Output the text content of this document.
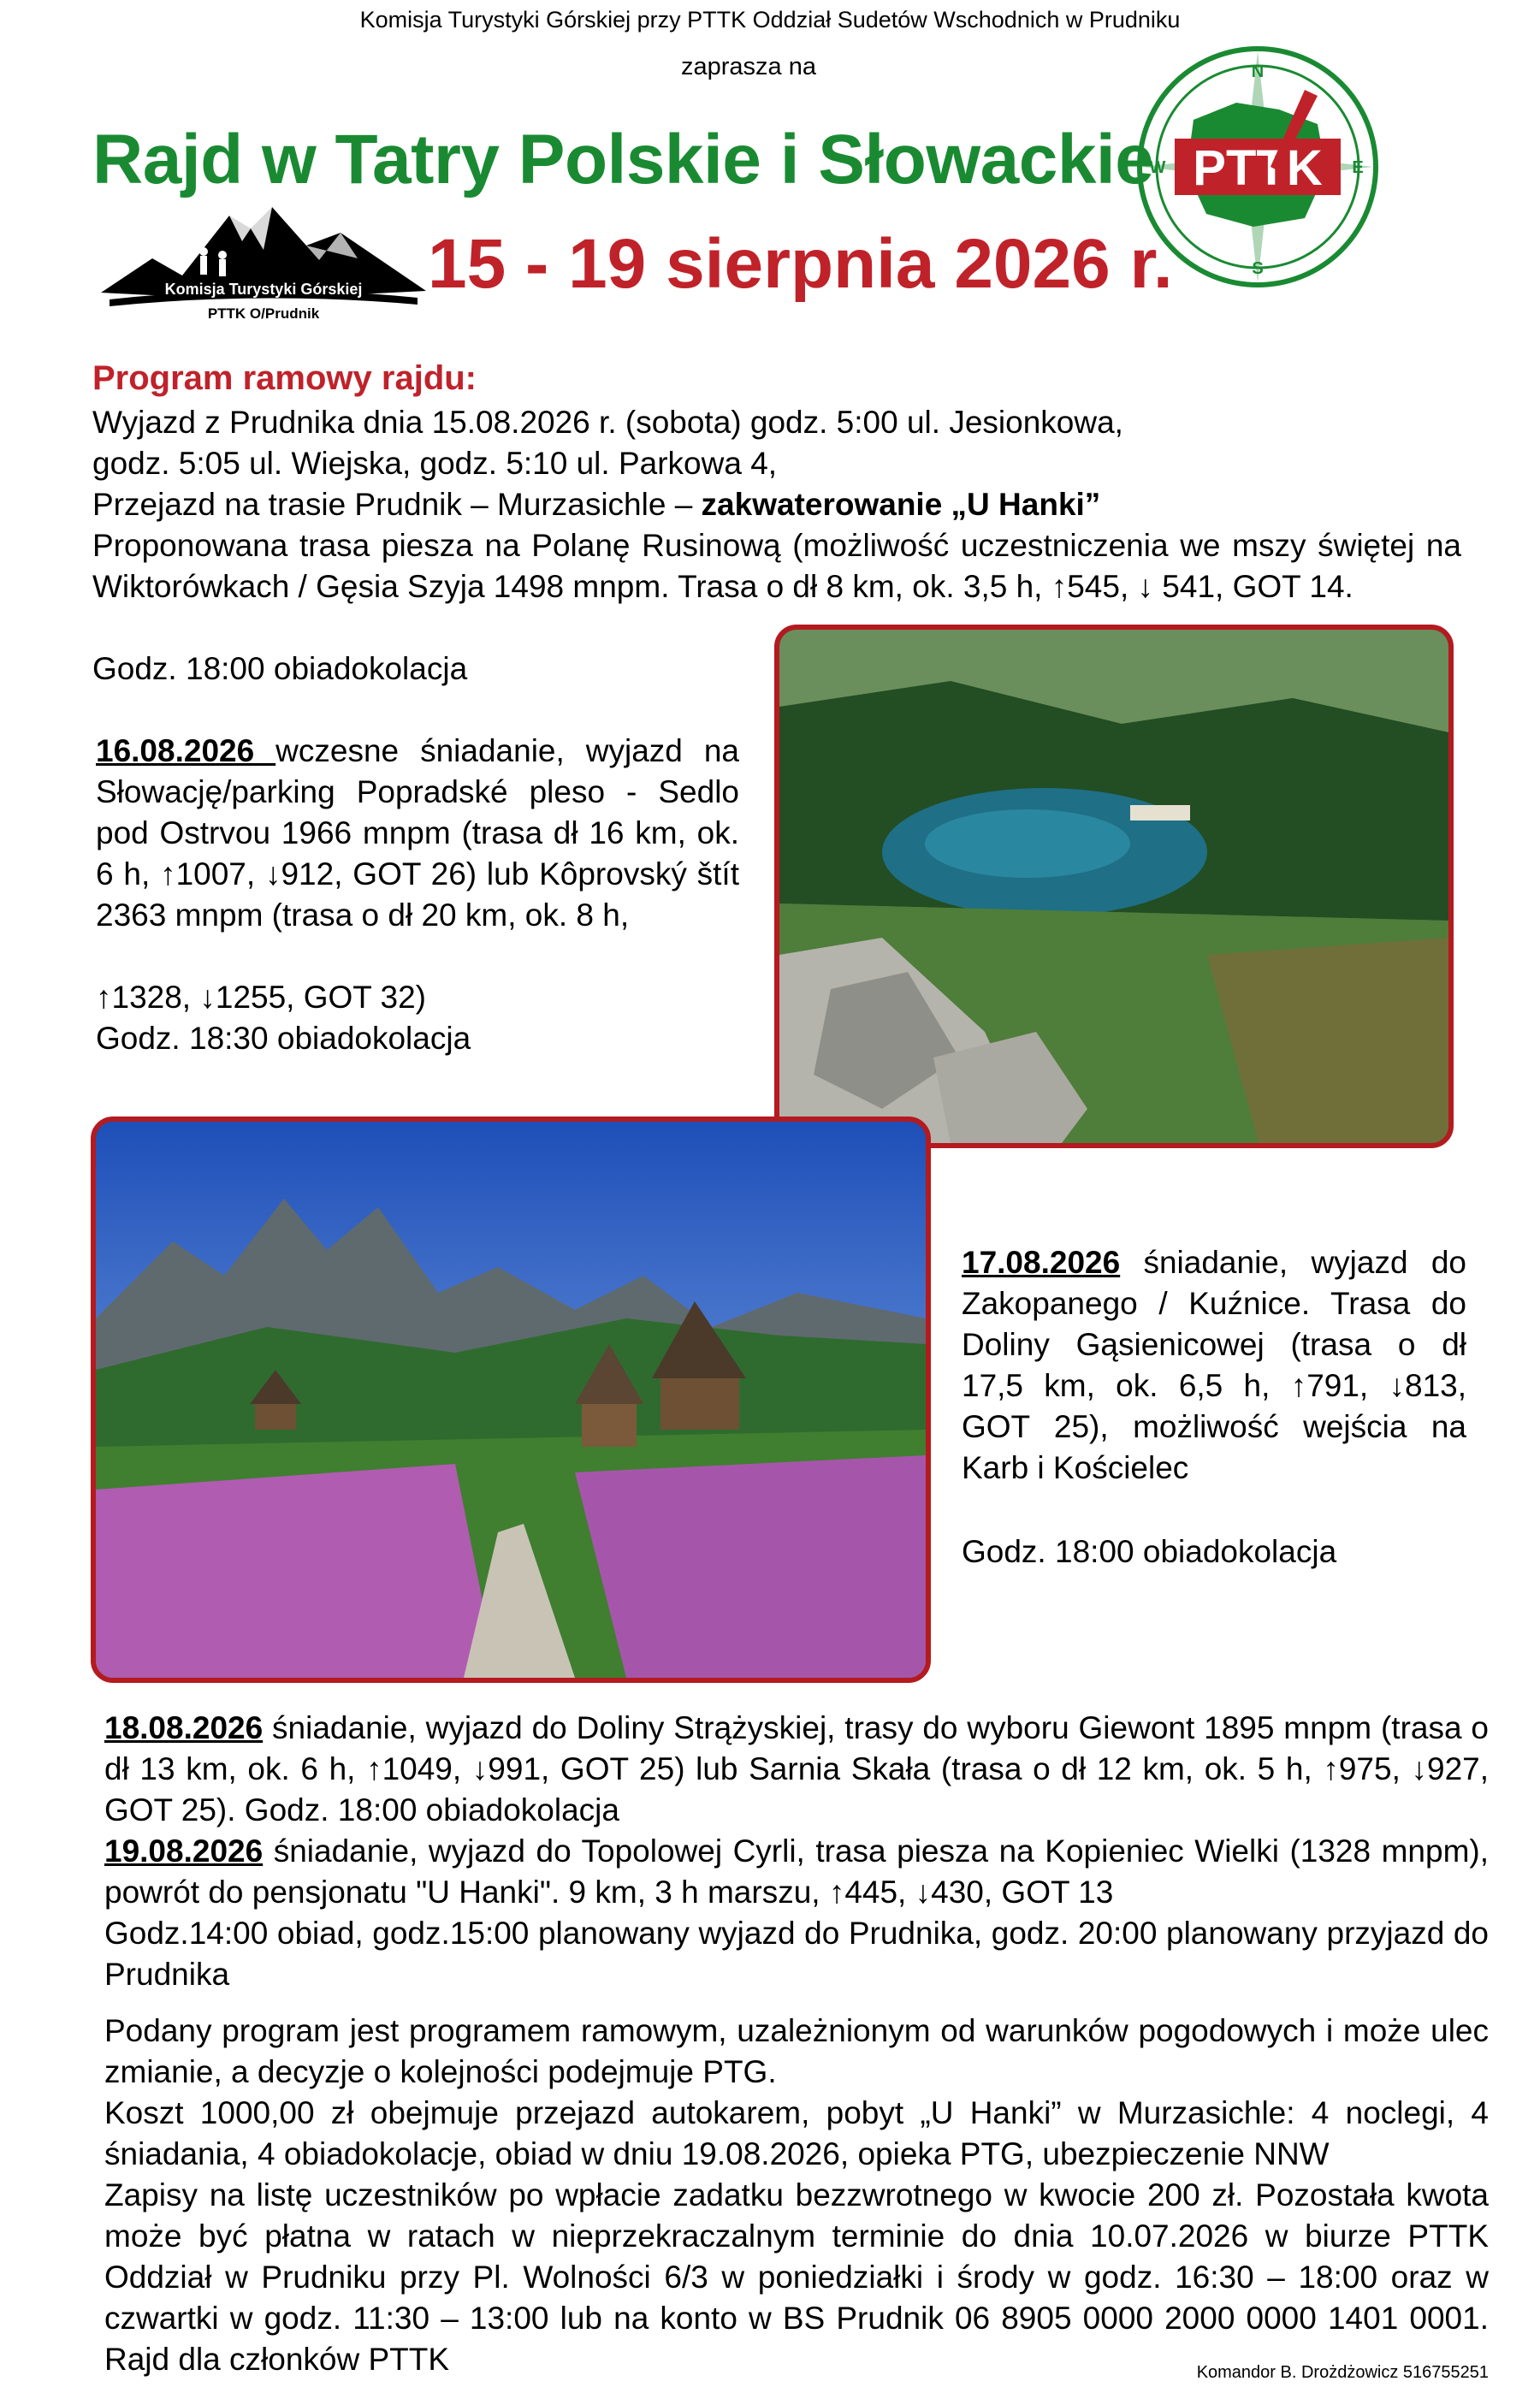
Komisja Turystyki Górskiej przy PTTK Oddział Sudetów Wschodnich w Prudniku
zaprasza na
Rajd w Tatry Polskie i Słowackie
15 - 19 sierpnia 2026 r.
Komisja Turystyki Górskiej
PTTK O/Prudnik
PTTK
N
S
E
W
Program ramowy rajdu:
Wyjazd z Prudnika dnia 15.08.2026 r. (sobota) godz. 5:00 ul. Jesionkowa,
godz. 5:05 ul. Wiejska, godz. 5:10 ul. Parkowa 4,
Przejazd na trasie Prudnik – Murzasichle – zakwaterowanie „U Hanki”
Proponowana trasa piesza na Polanę Rusinową (możliwość uczestniczenia we mszy świętej na Wiktorówkach / Gęsia Szyja 1498 mnpm. Trasa o dł 8 km, ok. 3,5 h, ↑545, ↓ 541, GOT 14.
Godz. 18:00 obiadokolacja
16.08.2026 wczesne śniadanie, wyjazd na Słowację/parking Popradské pleso - Sedlo pod Ostrvou 1966 mnpm (trasa dł 16 km, ok. 6 h, ↑1007, ↓912, GOT 26) lub Kôprovský štít 2363 mnpm (trasa o dł 20 km, ok. 8 h,
↑1328, ↓1255, GOT 32)
Godz. 18:30 obiadokolacja
17.08.2026 śniadanie, wyjazd do Zakopanego / Kuźnice. Trasa do Doliny Gąsienicowej (trasa o dł 17,5 km, ok. 6,5 h, ↑791, ↓813, GOT 25), możliwość wejścia na Karb i Kościelec
Godz. 18:00 obiadokolacja
18.08.2026 śniadanie, wyjazd do Doliny Strążyskiej, trasy do wyboru Giewont 1895 mnpm (trasa o dł 13 km, ok. 6 h, ↑1049, ↓991, GOT 25) lub Sarnia Skała (trasa o dł 12 km, ok. 5 h, ↑975, ↓927, GOT 25). Godz. 18:00 obiadokolacja
19.08.2026 śniadanie, wyjazd do Topolowej Cyrli, trasa piesza na Kopieniec Wielki (1328 mnpm), powrót do pensjonatu "U Hanki". 9 km, 3 h marszu, ↑445, ↓430, GOT 13
Godz.14:00 obiad, godz.15:00 planowany wyjazd do Prudnika, godz. 20:00 planowany przyjazd do Prudnika
Podany program jest programem ramowym, uzależnionym od warunków pogodowych i może ulec zmianie, a decyzje o kolejności podejmuje PTG.
Koszt 1000,00 zł obejmuje przejazd autokarem, pobyt „U Hanki” w Murzasichle: 4 noclegi, 4 śniadania, 4 obiadokolacje, obiad w dniu 19.08.2026, opieka PTG, ubezpieczenie NNW
Zapisy na listę uczestników po wpłacie zadatku bezzwrotnego w kwocie 200 zł. Pozostała kwota może być płatna w ratach w nieprzekraczalnym terminie do dnia 10.07.2026 w biurze PTTK Oddział w Prudniku przy Pl. Wolności 6/3 w poniedziałki i środy w godz. 16:30 – 18:00 oraz w czwartki w godz. 11:30 – 13:00 lub na konto w BS Prudnik 06 8905 0000 2000 0000 1401 0001. Rajd dla członków PTTK	Komandor B. Drożdżowicz 516755251
